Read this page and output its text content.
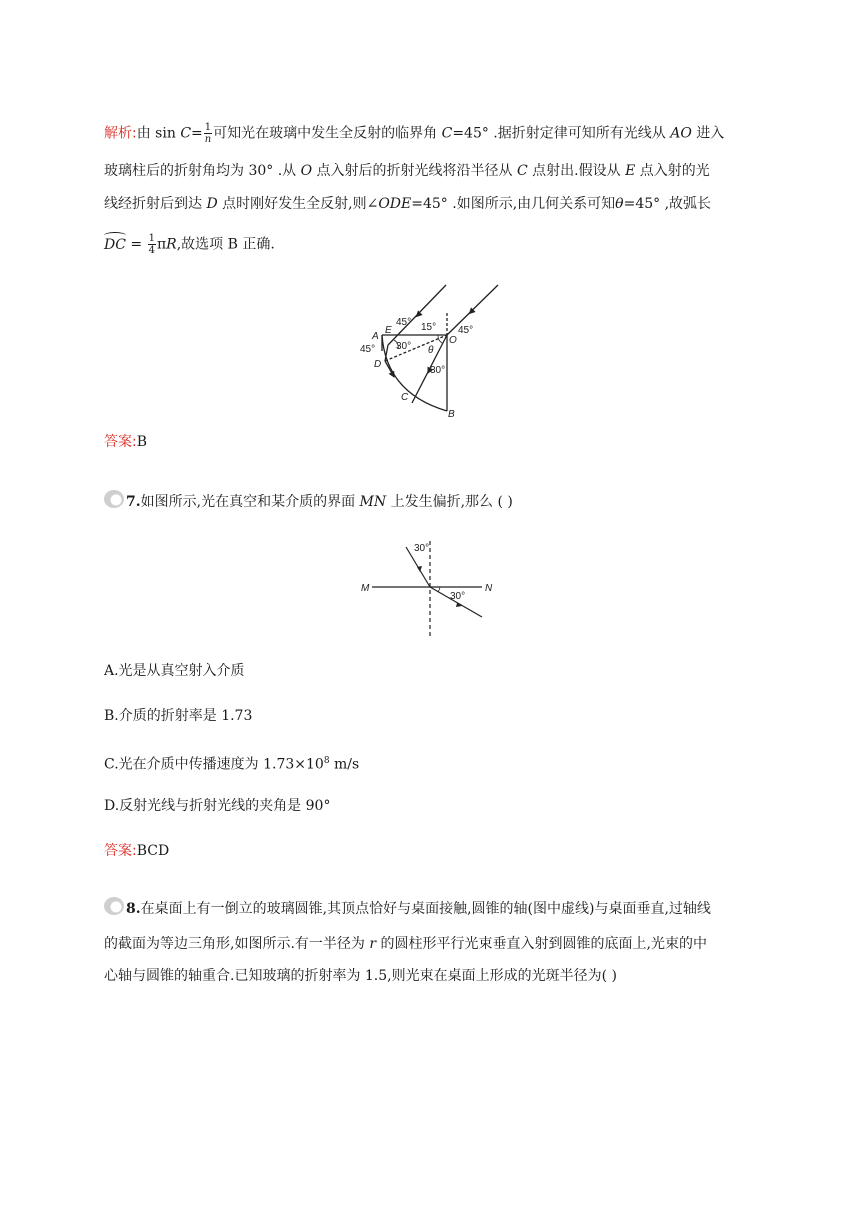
解析:由 $\sin C= \frac{1}{n}$ 可知光在玻璃中发生全反射的临界角 C=45° .据折射定律可知所有光线从 AO 进入
玻璃柱后的折射角均为 30° .从 O 点入射后的折射光线将沿半径从 C 点射出.假设从 E 点入射的光
线经折射后到达 D 点时刚好发生全反射,则∠ODE=45° .如图所示,由几何关系可知θ=45° ,故弧长
DC = $\frac{1}{4} \pi R$,故选项 B 正确.
45°
A
E
45° 30°
15°
O
45°
θ
D
30°
C
B
答案:B
7.如图所示,光在真空和某介质的界面 MN 上发生偏折,那么 ( )
M	N
30°
30°
A.光是从真空射入介质
B.介质的折射率是 1.73
C.光在介质中传播速度为 $1.73\times 10^8$ m/s
D.反射光线与折射光线的夹角是 90°
答案:BCD
8.在桌面上有一倒立的玻璃圆锥,其顶点恰好与桌面接触,圆锥的轴(图中虚线)与桌面垂直,过轴线
的截面为等边三角形,如图所示.有一半径为 r 的圆柱形平行光束垂直入射到圆锥的底面上,光束的中
心轴与圆锥的轴重合.已知玻璃的折射率为 1.5,则光束在桌面上形成的光斑半径为( )
